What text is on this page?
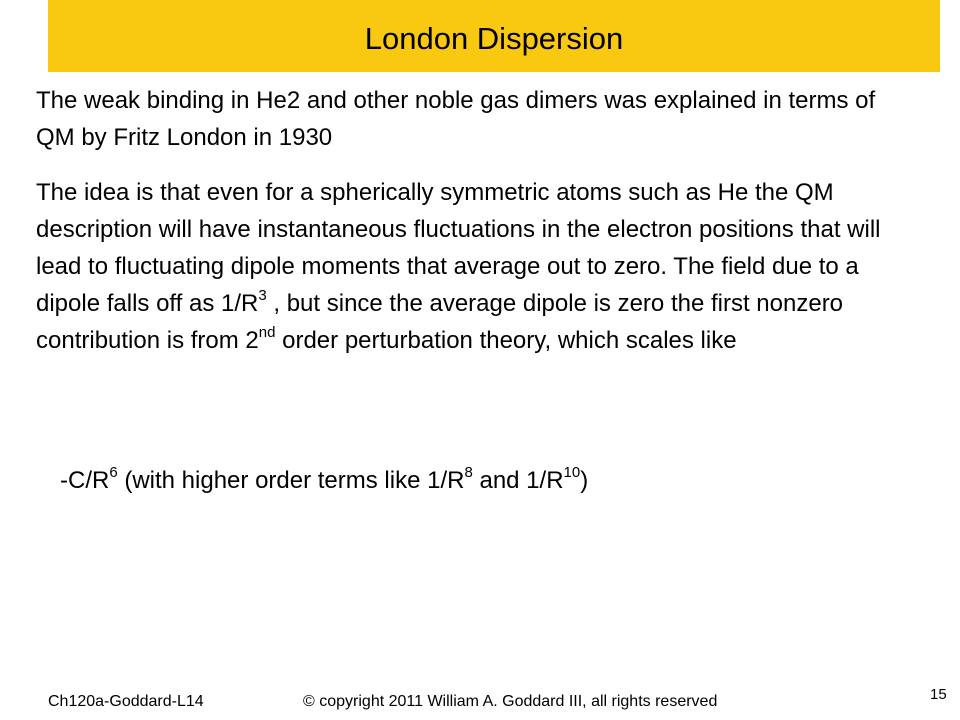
London Dispersion

The weak binding in He2 and other noble gas dimers was explained in terms of QM by Fritz London in 1930

The idea is that even for a spherically symmetric atoms such as He the QM description will have instantaneous fluctuations in the electron positions that will lead to fluctuating dipole moments that average out to zero. The field due to a dipole falls off as $1/R^3$ , but since the average dipole is zero the first nonzero contribution is from 2nd order perturbation theory, which scales like

$-C/R^6$ (with higher order terms like $1/R^8$ and $1/R^{10}$)

Ch120a-Goddard-L14	© copyright 2011 William A. Goddard III, all rights reserved	15
